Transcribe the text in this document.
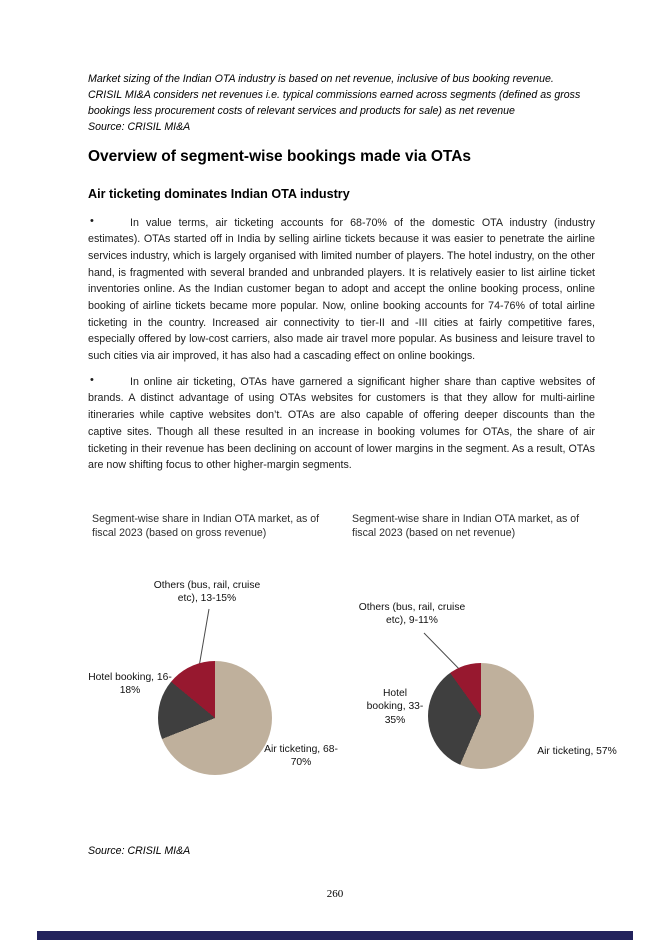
Market sizing of the Indian OTA industry is based on net revenue, inclusive of bus booking revenue.

CRISIL MI&A considers net revenues i.e. typical commissions earned across segments (defined as gross bookings less procurement costs of relevant services and products for sale) as net revenue

Source: CRISIL MI&A

Overview of segment-wise bookings made via OTAs
Air ticketing dominates Indian OTA industry
•	In value terms, air ticketing accounts for 68-70% of the domestic OTA industry (industry estimates). OTAs started off in India by selling airline tickets because it was easier to penetrate the airline services industry, which is largely organised with limited number of players. The hotel industry, on the other hand, is fragmented with several branded and unbranded players. It is relatively easier to list airline ticket inventories online. As the Indian customer began to adopt and accept the online booking process, online booking of airline tickets became more popular. Now, online booking accounts for 74-76% of total airline ticketing in the country. Increased air connectivity to tier-II and -III cities at fairly competitive fares, especially offered by low-cost carriers, also made air travel more popular. As business and leisure travel to such cities via air improved, it has also had a cascading effect on online bookings.

•	In online air ticketing, OTAs have garnered a significant higher share than captive websites of brands. A distinct advantage of using OTAs websites for customers is that they allow for multi-airline itineraries while captive websites don’t. OTAs are also capable of offering deeper discounts than the captive sites. Though all these resulted in an increase in booking volumes for OTAs, the share of air ticketing in their revenue has been declining on account of lower margins in the segment. As a result, OTAs are now shifting focus to other higher-margin segments.

Segment-wise share in Indian OTA market, as of fiscal 2023 (based on gross revenue)
Segment-wise share in Indian OTA market, as of fiscal 2023 (based on net revenue)
Others (bus, rail, cruise etc), 13-15%
Hotel booking, 16-18%
Air ticketing, 68-70%
Others (bus, rail, cruise etc), 9-11%
Hotel booking, 33-35%
Air ticketing, 57%
Source: CRISIL MI&A
260
